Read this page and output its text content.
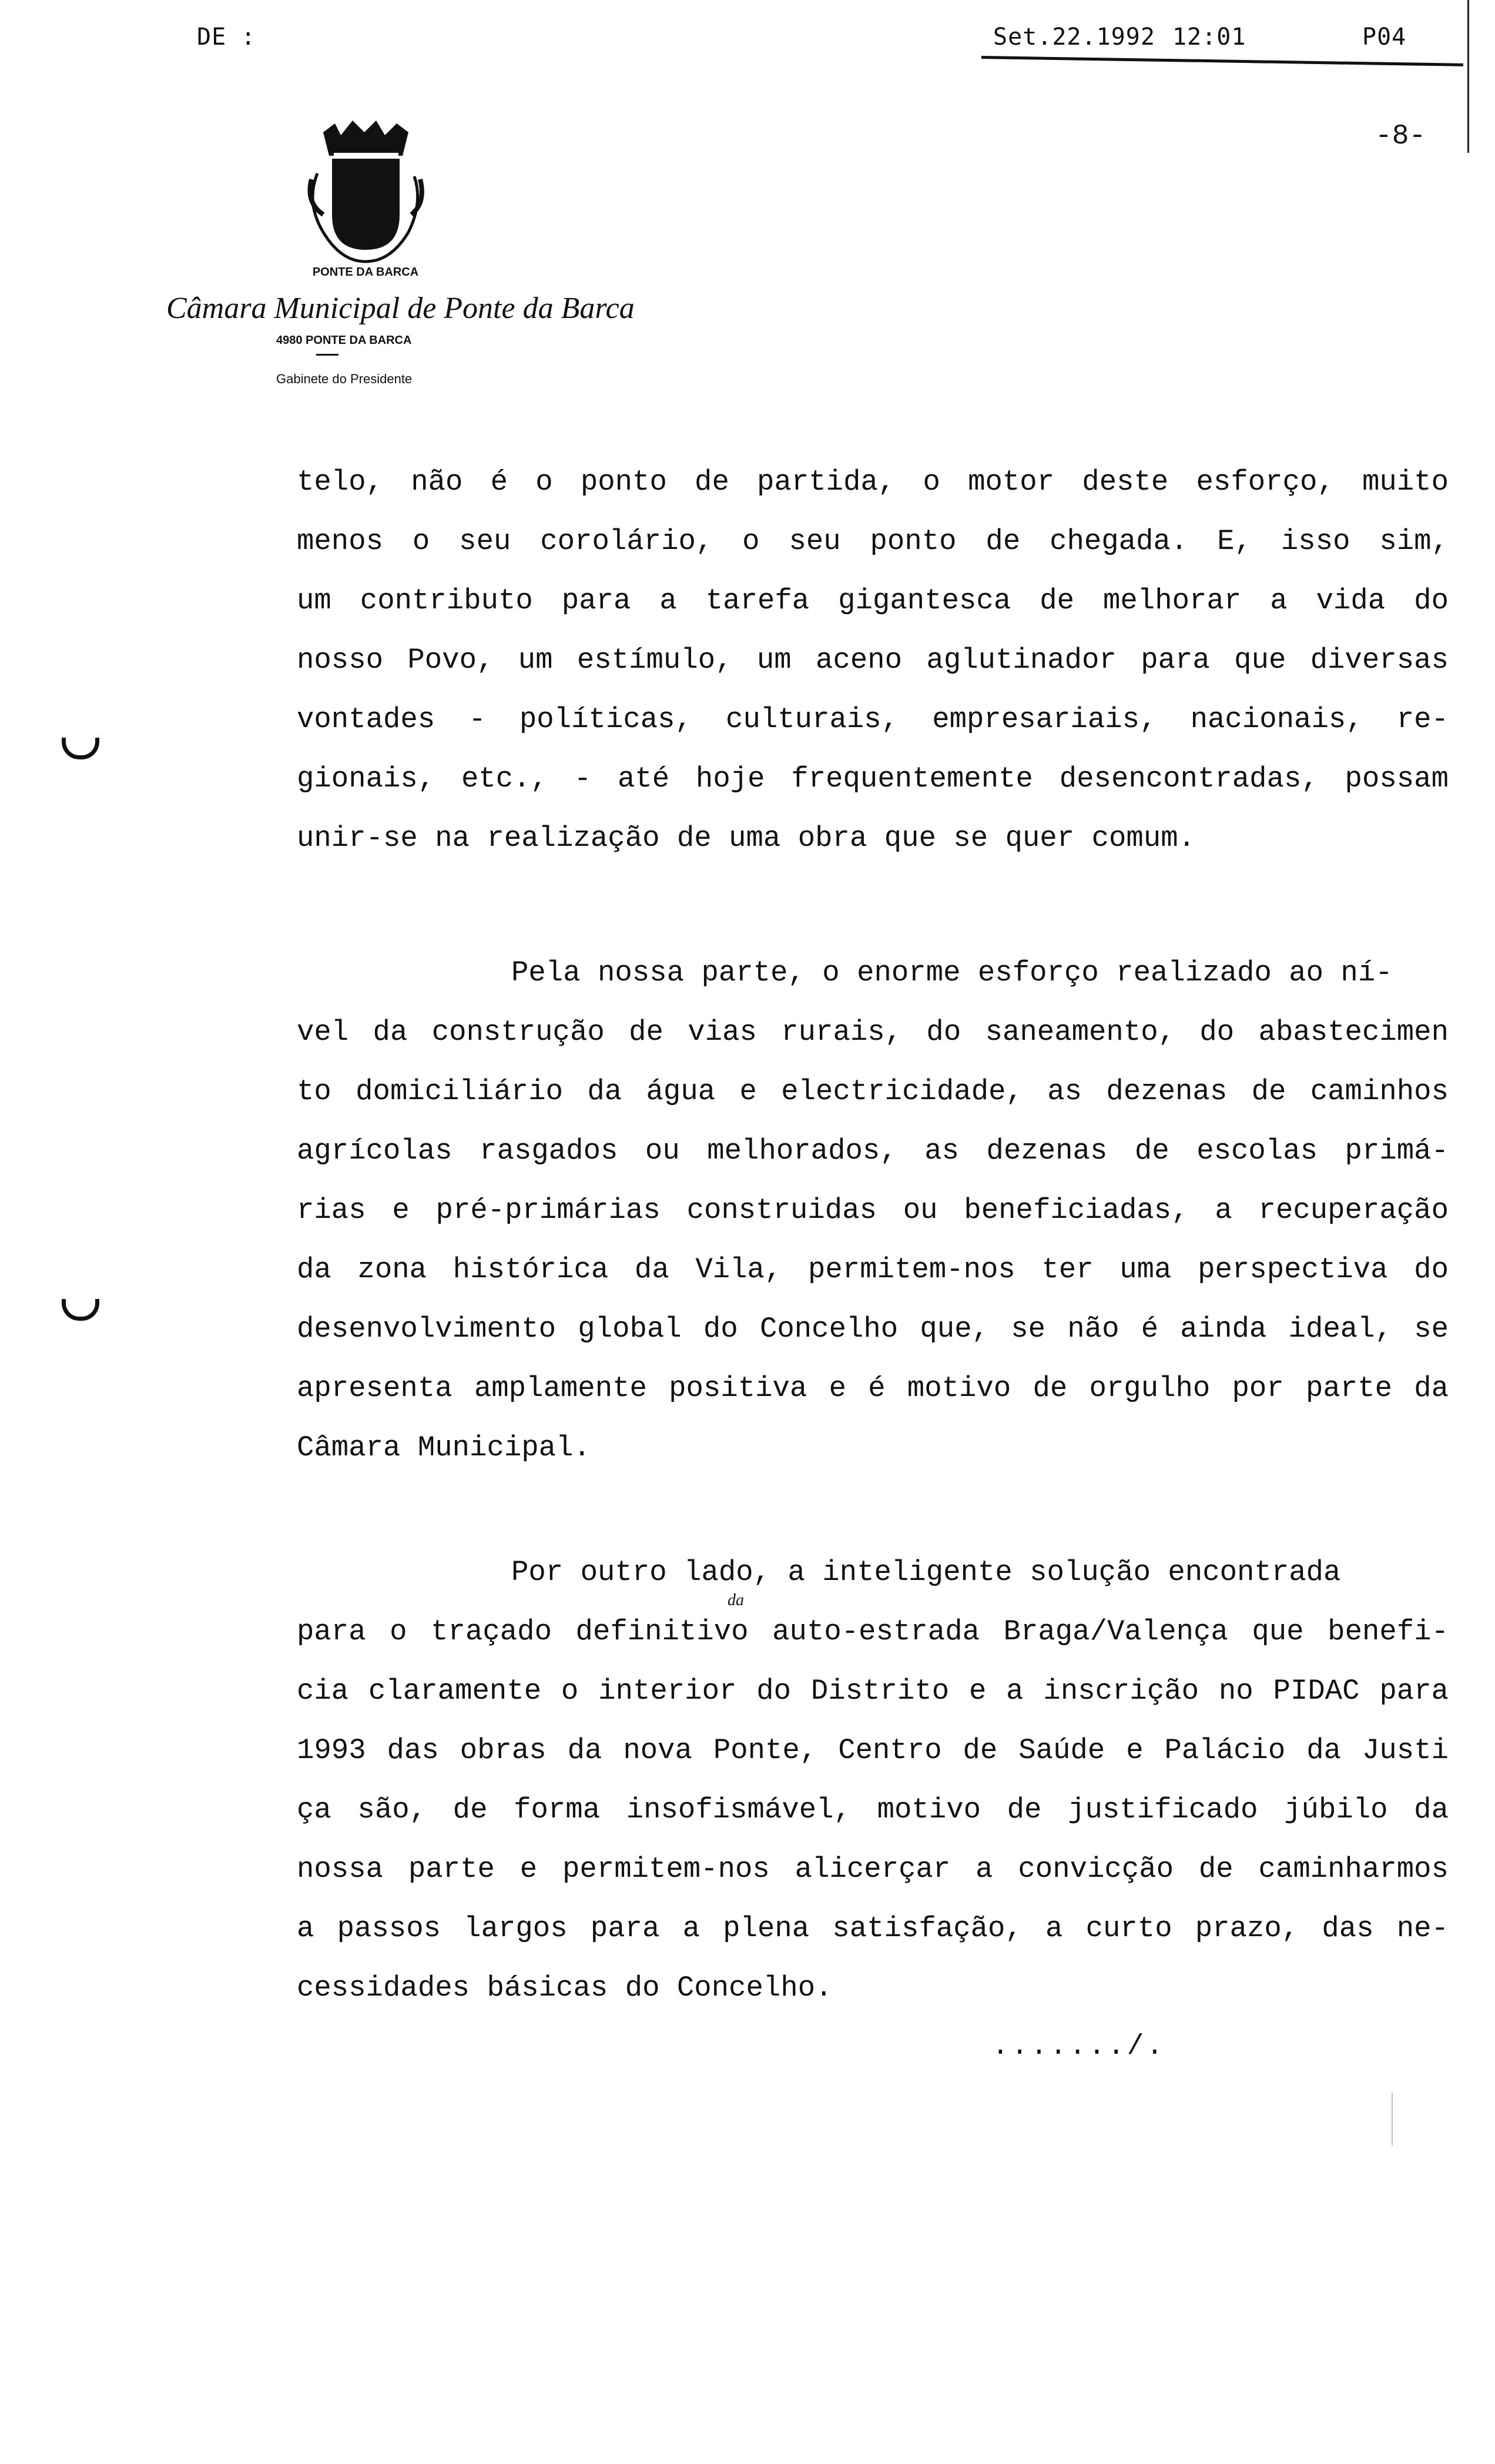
DE :	Set.22.1992 12:01	P04
-8-
PONTE DA BARCA
Câmara Municipal de Ponte da Barca
4980 PONTE DA BARCA
Gabinete do Presidente
telo, não é o ponto de partida, o motor deste esforço, muito
menos o seu corolário, o seu ponto de chegada. E, isso sim,
um contributo para a tarefa gigantesca de melhorar a vida do
nosso Povo, um estímulo, um aceno aglutinador para que diversas
vontades - políticas, culturais, empresariais, nacionais, re-
gionais, etc., - até hoje frequentemente desencontradas, possam
unir-se na realização de uma obra que se quer comum.
Pela nossa parte, o enorme esforço realizado ao ní-
vel da construção de vias rurais, do saneamento, do abastecimen
to domiciliário da água e electricidade, as dezenas de caminhos
agrícolas rasgados ou melhorados, as dezenas de escolas primá-
rias e pré-primárias construidas ou beneficiadas, a recuperação
da zona histórica da Vila, permitem-nos ter uma perspectiva do
desenvolvimento global do Concelho que, se não é ainda ideal, se
apresenta amplamente positiva e é motivo de orgulho por parte da
Câmara Municipal.
Por outro lado, a inteligente solução encontrada
para o traçado definitivo auto-estrada Braga/Valença que benefi-
cia claramente o interior do Distrito e a inscrição no PIDAC para
1993 das obras da nova Ponte, Centro de Saúde e Palácio da Justi
ça são, de forma insofismável, motivo de justificado júbilo da
nossa parte e permitem-nos alicerçar a convicção de caminharmos
a passos largos para a plena satisfação, a curto prazo, das ne-
cessidades básicas do Concelho.
da
......./.
